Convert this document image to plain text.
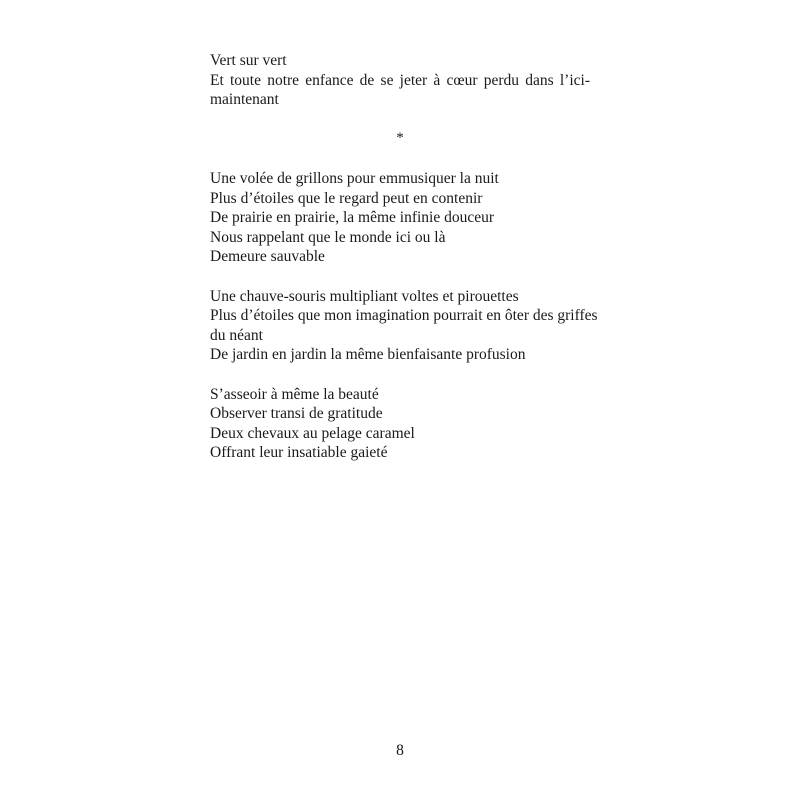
Vert sur vert
Et toute notre enfance de se jeter à cœur perdu dans l’ici-
maintenant
*
Une volée de grillons pour emmusiquer la nuit
Plus d’étoiles que le regard peut en contenir
De prairie en prairie, la même infinie douceur
Nous rappelant que le monde ici ou là
Demeure sauvable
Une chauve-souris multipliant voltes et pirouettes
Plus d’étoiles que mon imagination pourrait en ôter des griffes
du néant
De jardin en jardin la même bienfaisante profusion
S’asseoir à même la beauté
Observer transi de gratitude
Deux chevaux au pelage caramel
Offrant leur insatiable gaieté
8
